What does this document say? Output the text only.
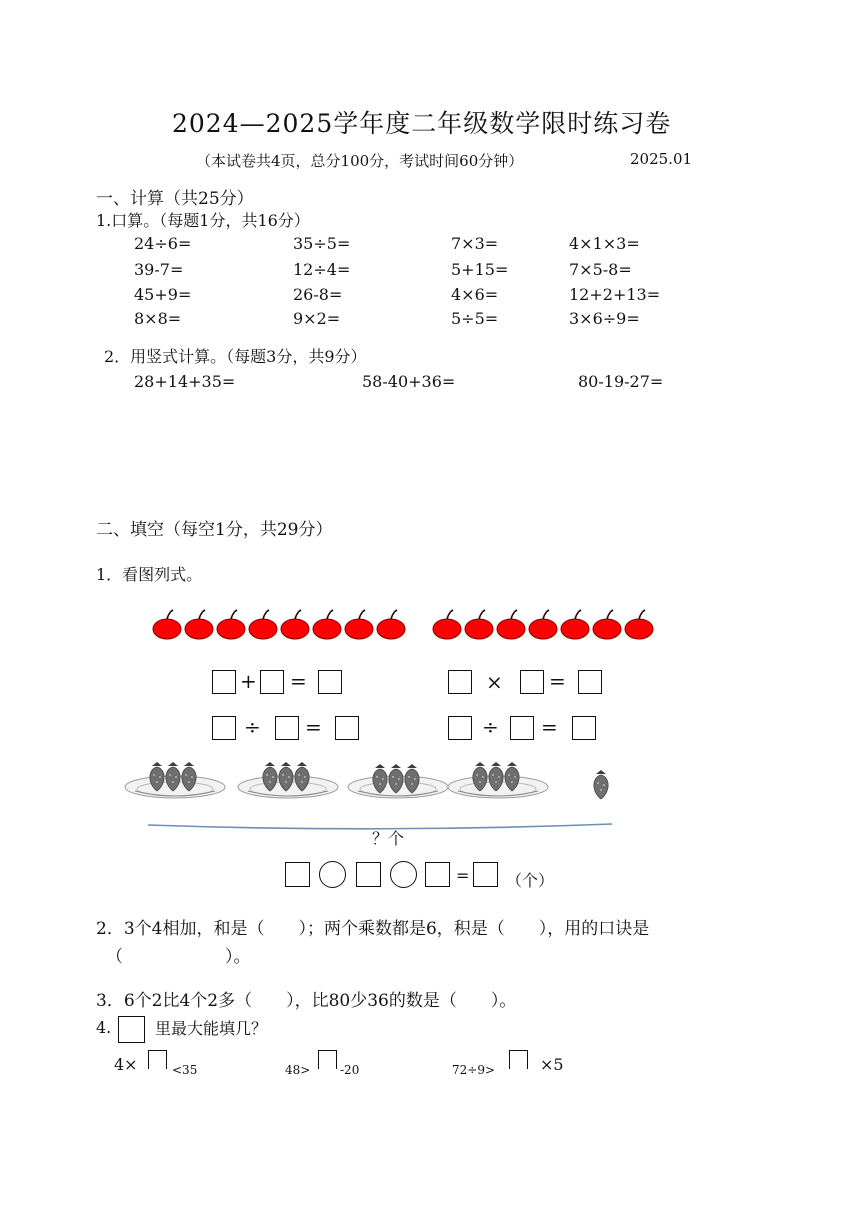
2024—2025学年度二年级数学限时练习卷
（本试卷共4页，总分100分，考试时间60分钟）	2025.01
一、计算（共25分）
1.口算。（每题1分，共16分）
24÷6=	35÷5=	7×3=	4×1×3=
39-7=	12÷4=	5+15=	7×5-8=
45+9=	26-8=	4×6=	12+2+13=
8×8=	9×2=	5÷5=	3×6÷9=
2．用竖式计算。（每题3分，共9分）
28+14+35=	58-40+36=	80-19-27=
二、填空（每空1分，共29分）
1．看图列式。
+ =	× =
÷ =	÷ =
？个
= （个）
2．3个4相加，和是（　　）；两个乘数都是6，积是（　　），用的口诀是
（　　　　　　）。
3．6个2比4个2多（　　），比80少36的数是（　　）。
4.	里最大能填几？
4×	<35	48> -20	72÷9>	×5
